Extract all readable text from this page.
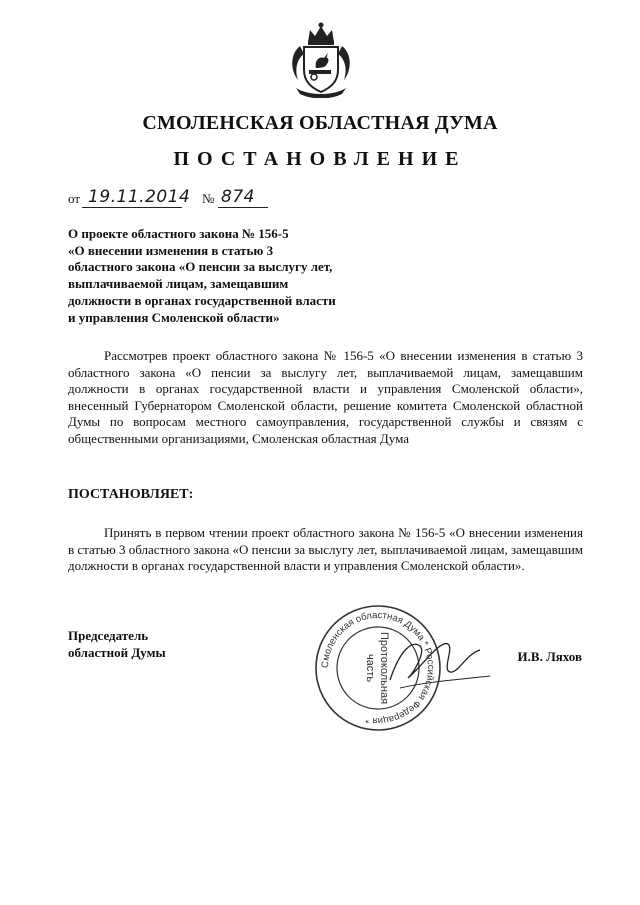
СМОЛЕНСКАЯ ОБЛАСТНАЯ ДУМА
ПОСТАНОВЛЕНИЕ
от 19.11.2014 № 874
О проекте областного закона № 156-5
«О внесении изменения в статью 3
областного закона «О пенсии за выслугу лет,
выплачиваемой лицам, замещавшим
должности в органах государственной власти
и управления Смоленской области»
Рассмотрев проект областного закона № 156-5 «О внесении изменения в статью 3 областного закона «О пенсии за выслугу лет, выплачиваемой лицам, замещавшим должности в органах государственной власти и управления Смоленской области», внесенный Губернатором Смоленской области, решение комитета Смоленской областной Думы по вопросам местного самоуправления, государственной службы и связям с общественными организациями, Смоленская областная Дума
ПОСТАНОВЛЯЕТ:
Принять в первом чтении проект областного закона № 156-5 «О внесении изменения в статью 3 областного закона «О пенсии за выслугу лет, выплачиваемой лицам, замещавшим должности в органах государственной власти и управления Смоленской области».
Председатель
областной Думы
Смоленская областная Дума * Российская Федерация *
Протокольная
часть	И.В. Ляхов
